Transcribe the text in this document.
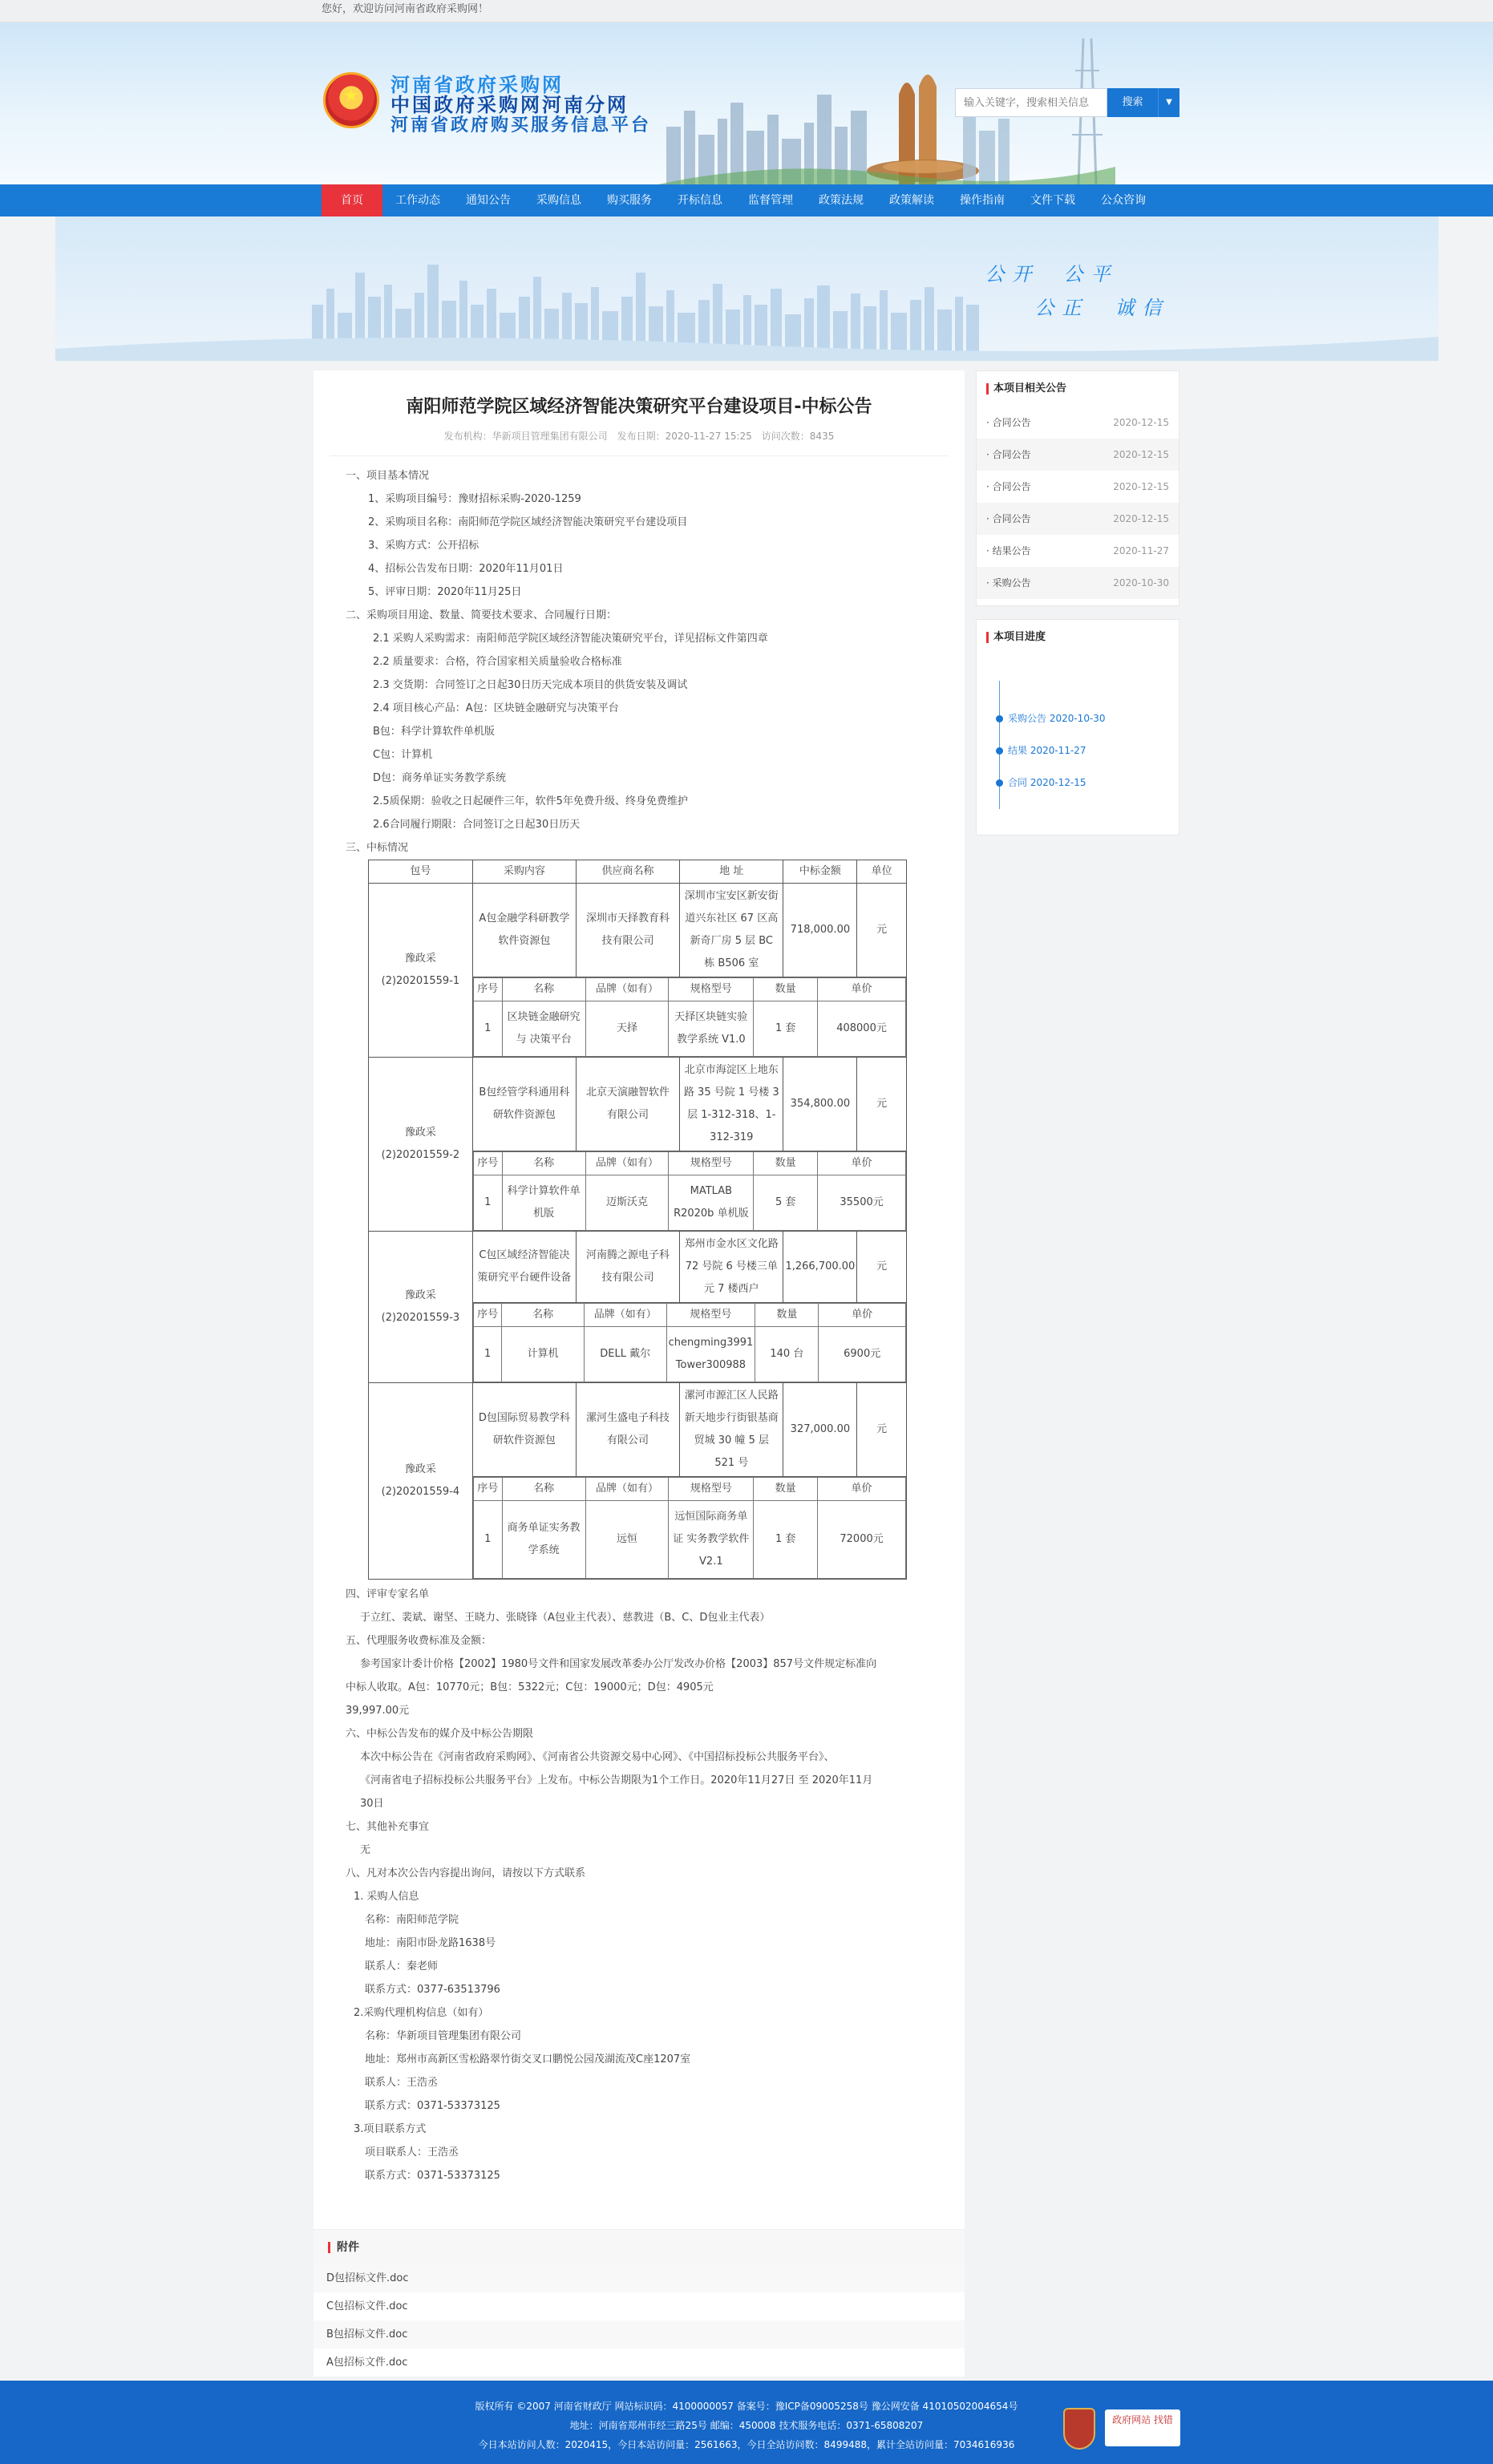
您好，欢迎访问河南省政府采购网！
★ 河南省政府采购网
中国政府采购网河南分网
河南省政府购买服务信息平台
输入关键字，搜索相关信息
搜索	▼
首页	工作动态	通知公告	采购信息	购买服务	开标信息	监督管理	政策法规	政策解读	操作指南	文件下载	公众咨询
公开 公平
公正 诚信
南阳师范学院区域经济智能决策研究平台建设项目-中标公告
发布机构：华新项目管理集团有限公司　发布日期：2020-11-27 15:25　访问次数：8435
一、项目基本情况
1、采购项目编号：豫财招标采购-2020-1259
2、采购项目名称：南阳师范学院区域经济智能决策研究平台建设项目
3、采购方式：公开招标
4、招标公告发布日期：2020年11月01日
5、评审日期：2020年11月25日
二、采购项目用途、数量、简要技术要求、合同履行日期：
2.1 采购人采购需求：南阳师范学院区域经济智能决策研究平台，详见招标文件第四章
2.2 质量要求：合格，符合国家相关质量验收合格标准
2.3 交货期：合同签订之日起30日历天完成本项目的供货安装及调试
2.4 项目核心产品：A包：区块链金融研究与决策平台
B包：科学计算软件单机版
C包：计算机
D包：商务单证实务教学系统
2.5质保期：验收之日起硬件三年，软件5年免费升级、终身免费维护
2.6合同履行期限：合同签订之日起30日历天
三、中标情况
包号	采购内容	供应商名称	地 址	中标金额	单位
豫政采(2)20201559-1	A包金融学科研教学软件资源包	深圳市天择教育科技有限公司	深圳市宝安区新安街道兴东社区 67 区高新奇厂房 5 层 BC 栋 B506 室	718,000.00	元

序号	名称	品牌（如有）	规格型号	数量	单价
1	区块链金融研究与 决策平台	天择	天择区块链实验教学系统 V1.0	1 套	408000元

豫政采(2)20201559-2	B包经管学科通用科研软件资源包	北京天演融智软件有限公司	北京市海淀区上地东路 35 号院 1 号楼 3 层 1-312-318、1-312-319	354,800.00	元

序号	名称	品牌（如有）	规格型号	数量	单价
1	科学计算软件单机版	迈斯沃克	MATLAB R2020b 单机版	5 套	35500元

豫政采(2)20201559-3	C包区域经济智能决策研究平台硬件设备	河南腾之源电子科技有限公司	郑州市金水区文化路 72 号院 6 号楼三单元 7 楼西户	1,266,700.00	元

序号	名称	品牌（如有）	规格型号	数量	单价
1	计算机	DELL 戴尔	chengming3991 Tower300988	140 台	6900元

豫政采(2)20201559-4	D包国际贸易教学科研软件资源包	漯河生盛电子科技有限公司	漯河市源汇区人民路新天地步行街银基商贸城 30 幢 5 层 521 号	327,000.00	元

序号	名称	品牌（如有）	规格型号	数量	单价
1	商务单证实务教学系统	远恒	远恒国际商务单证 实务教学软件 V2.1	1 套	72000元
四、评审专家名单
于立红、裴斌、谢坚、王晓力、张晓锋（A包业主代表）、慈教进（B、C、D包业主代表）
五、代理服务收费标准及金额：
参考国家计委计价格【2002】1980号文件和国家发展改革委办公厅发改办价格【2003】857号文件规定标准向
中标人收取。A包：10770元；B包：5322元；C包：19000元；D包：4905元
39,997.00元
六、中标公告发布的媒介及中标公告期限
本次中标公告在《河南省政府采购网》、《河南省公共资源交易中心网》、《中国招标投标公共服务平台》、
《河南省电子招标投标公共服务平台》上发布。中标公告期限为1个工作日。2020年11月27日 至 2020年11月
30日
七、其他补充事宜
无
八、凡对本次公告内容提出询问，请按以下方式联系
1. 采购人信息
名称：南阳师范学院
地址：南阳市卧龙路1638号
联系人：秦老师
联系方式：0377-63513796
2.采购代理机构信息（如有）
名称：华新项目管理集团有限公司
地址：郑州市高新区雪松路翠竹街交叉口鹏悦公园茂湖流茂C座1207室
联系人：王浩丞
联系方式：0371-53373125
3.项目联系方式
项目联系人：王浩丞
联系方式：0371-53373125
附件
D包招标文件.doc
C包招标文件.doc
B包招标文件.doc
A包招标文件.doc
本项目相关公告
· 合同公告	2020-12-15
· 合同公告	2020-12-15
· 合同公告	2020-12-15
· 合同公告	2020-12-15
· 结果公告	2020-11-27
· 采购公告	2020-10-30
本项目进度
采购公告 2020-10-30
结果 2020-11-27
合同 2020-12-15
版权所有 ©2007 河南省财政厅 网站标识码：4100000057 备案号：豫ICP备09005258号 豫公网安备 41010502004654号
地址：河南省郑州市经三路25号 邮编：450008 技术服务电话：0371-65808207
今日本站访问人数：2020415，今日本站访问量：2561663，今日全站访问数：8499488，累计全站访问量：7034616936
政府网站 找错
